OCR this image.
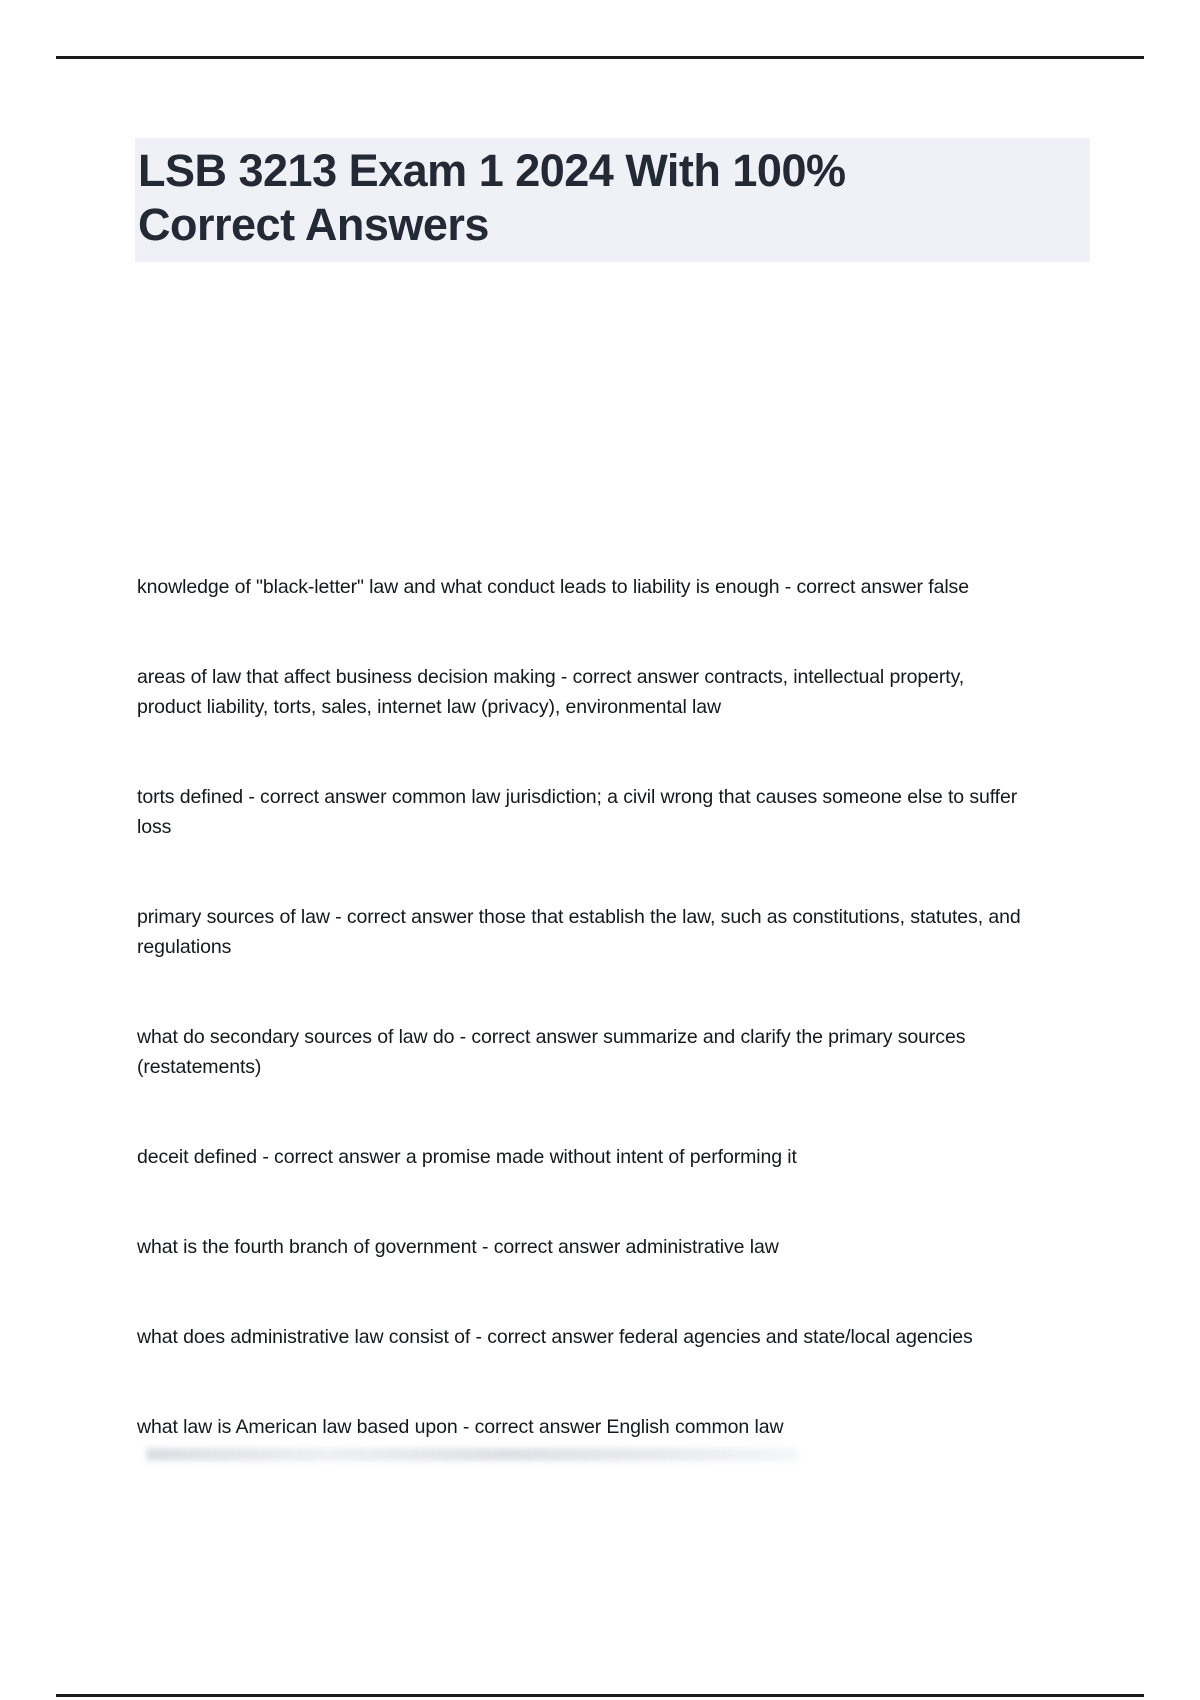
LSB 3213 Exam 1 2024 With 100%
Correct Answers

knowledge of "black-letter" law and what conduct leads to liability is enough - correct answer false

areas of law that affect business decision making - correct answer contracts, intellectual property,
product liability, torts, sales, internet law (privacy), environmental law

torts defined - correct answer common law jurisdiction; a civil wrong that causes someone else to suffer
loss

primary sources of law - correct answer those that establish the law, such as constitutions, statutes, and
regulations

what do secondary sources of law do - correct answer summarize and clarify the primary sources
(restatements)

deceit defined - correct answer a promise made without intent of performing it

what is the fourth branch of government - correct answer administrative law

what does administrative law consist of - correct answer federal agencies and state/local agencies

what law is American law based upon - correct answer English common law
